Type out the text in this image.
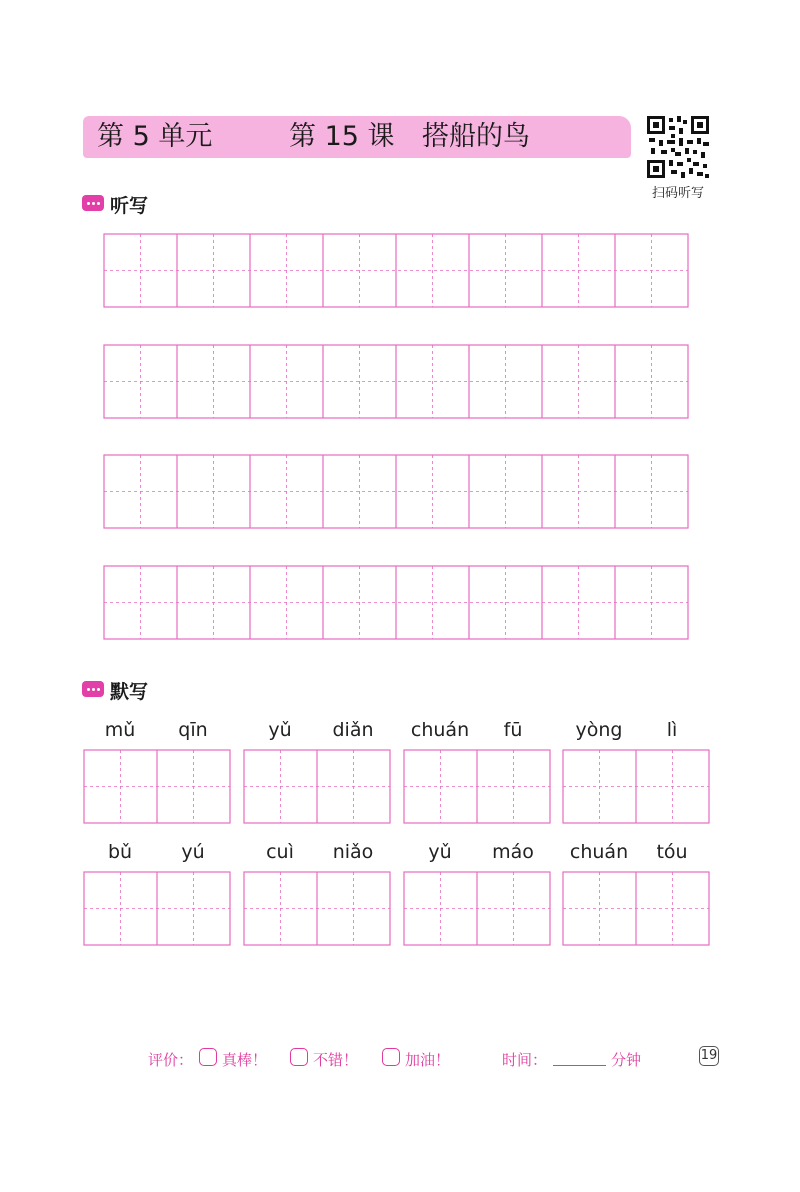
第 5 单元	第 15 课 搭船的鸟
扫码听写
听写
默写
mǔ	qīn	yǔ	diǎn	chuán	fū	yòng	lì
bǔ	yú	cuì	niǎo	yǔ	máo	chuán	tóu
评价： 真棒！	不错！	加油！	时间：	分钟	19
